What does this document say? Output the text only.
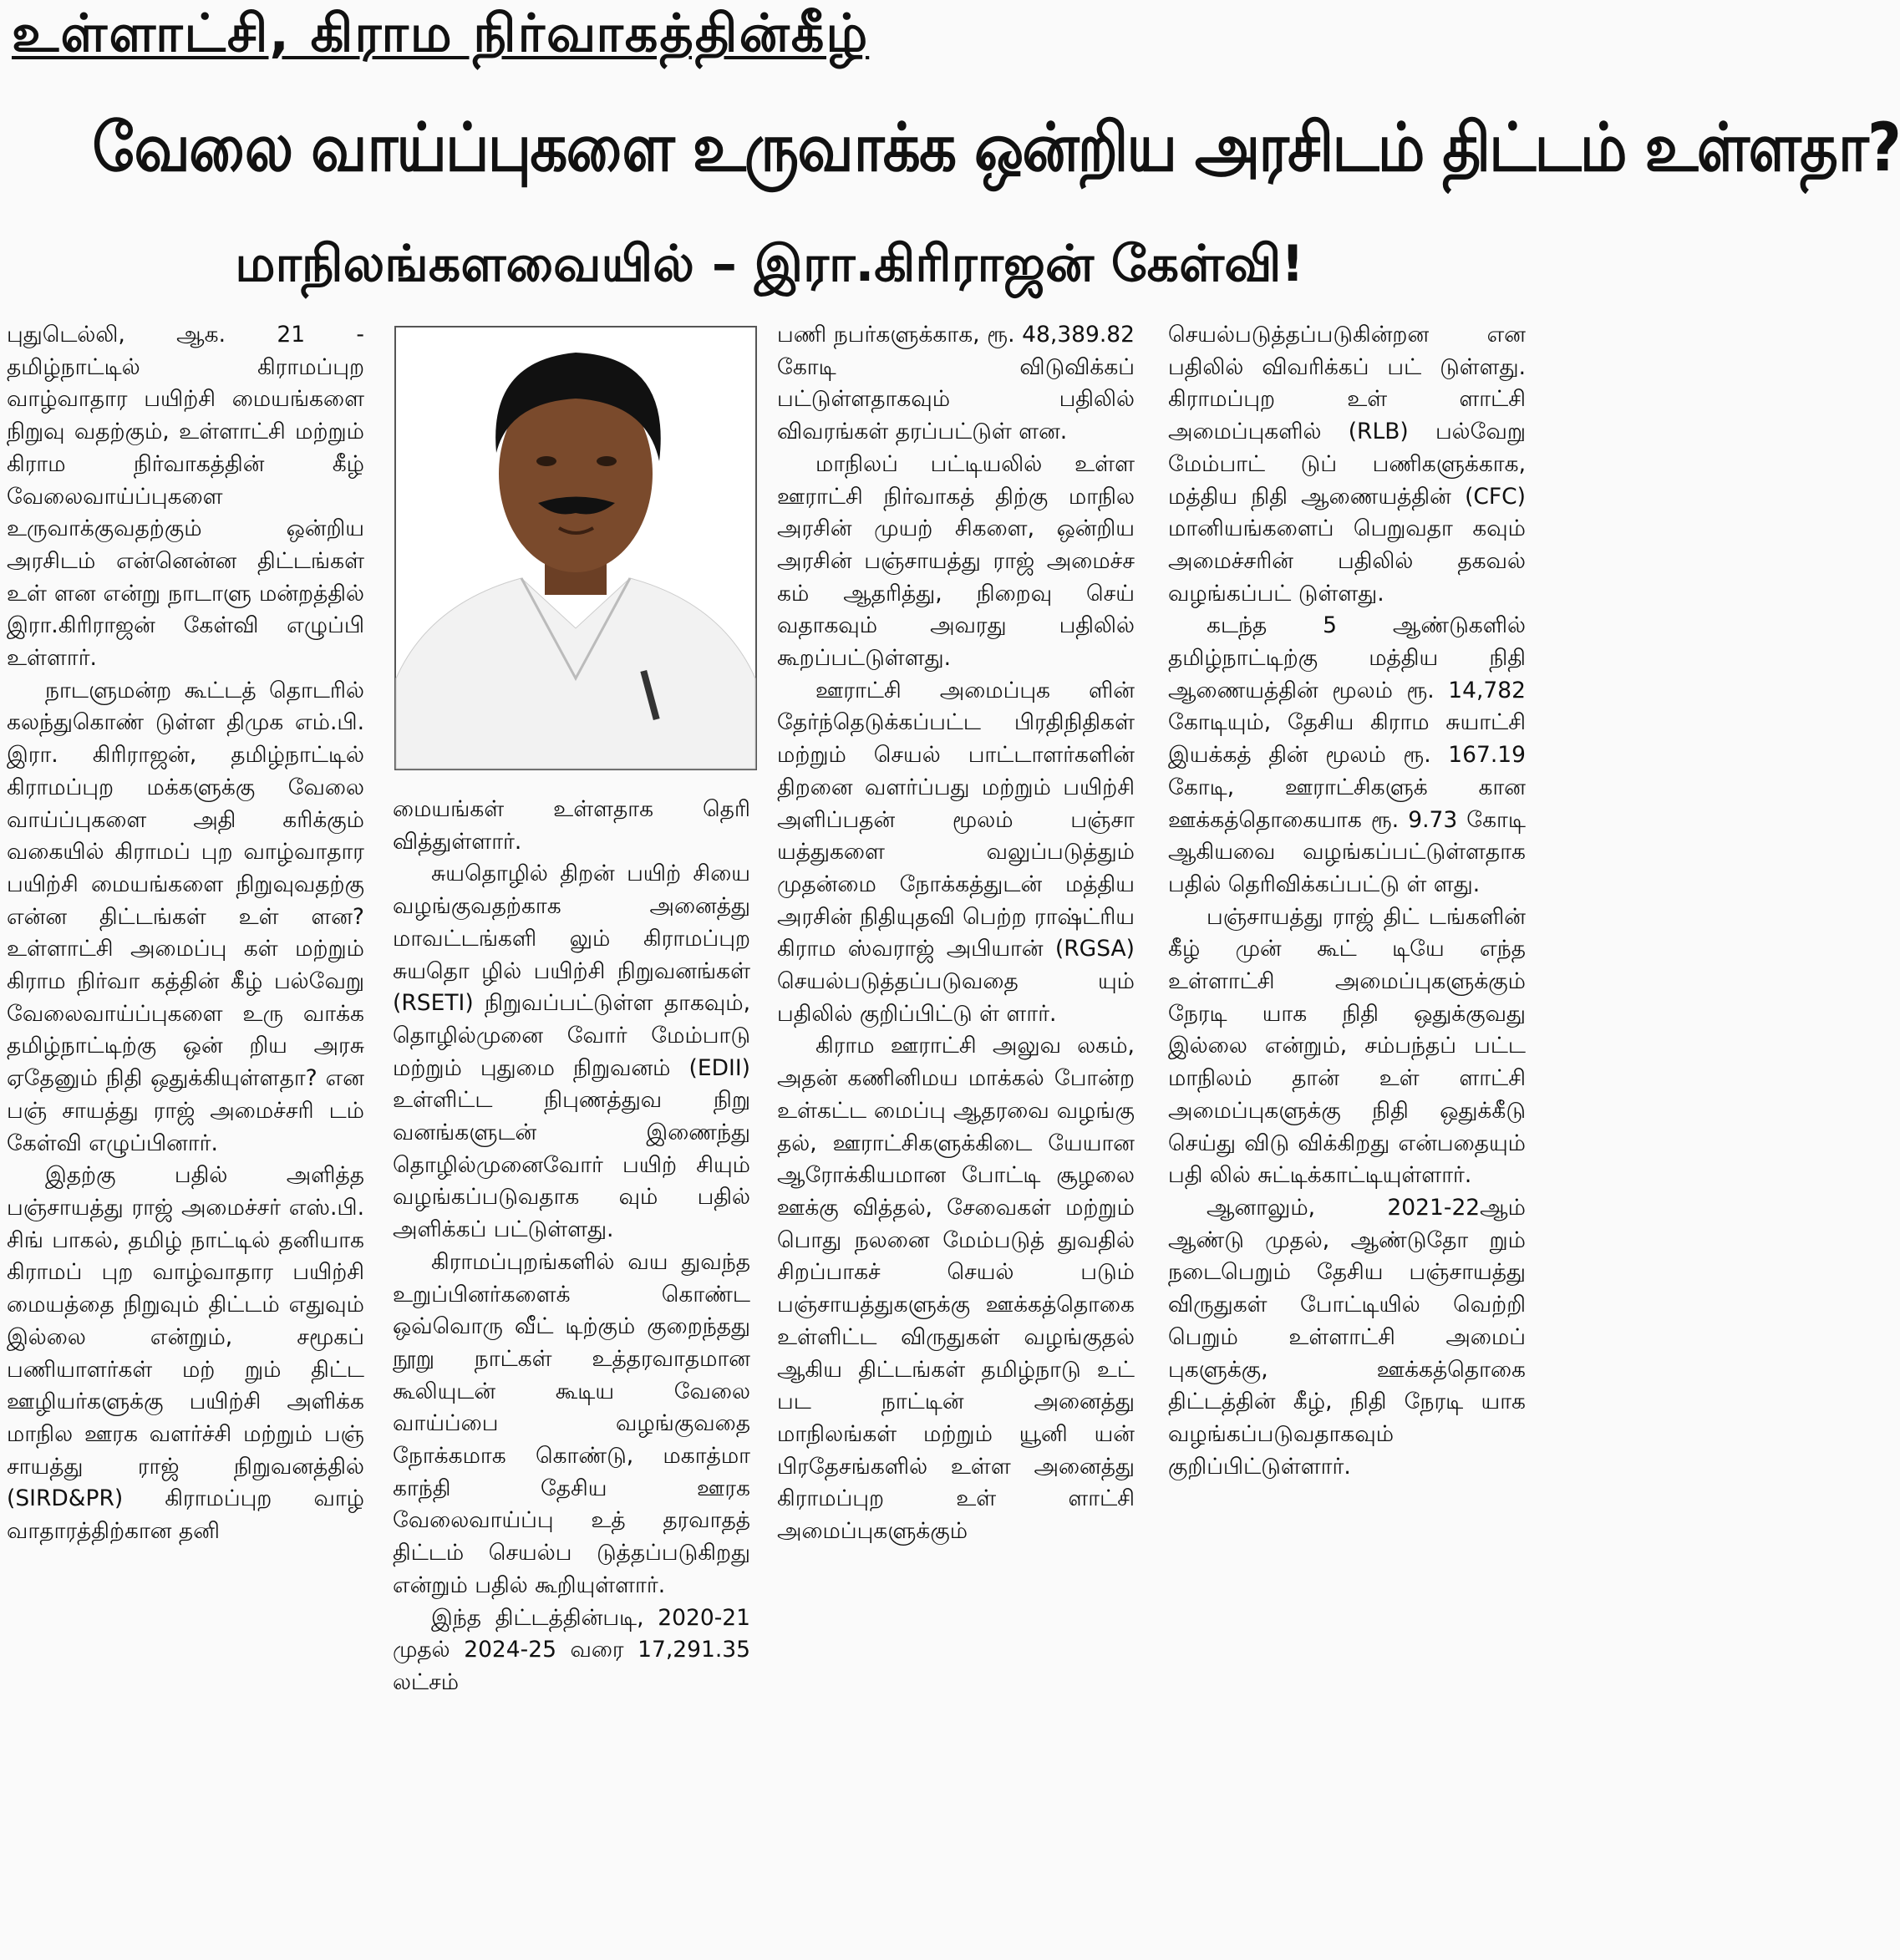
உள்ளாட்சி, கிராம நிர்வாகத்தின்கீழ்
வேலை வாய்ப்புகளை உருவாக்க ஒன்றிய அரசிடம் திட்டம் உள்ளதா?
மாநிலங்களவையில் – இரா.கிரிராஜன் கேள்வி!

புதுடெல்லி, ஆக. 21 - தமிழ்நாட்டில் கிராமப்புற வாழ்வாதார பயிற்சி மையங்களை நிறுவு வதற்கும், உள்ளாட்சி மற்றும் கிராம நிர்வாகத்தின் கீழ் வேலைவாய்ப்புகளை உருவாக்குவதற்கும் ஒன்றிய அரசிடம் என்னென்ன திட்டங்கள் உள் ளன என்று நாடாளு மன்றத்தில் இரா.கிரிராஜன் கேள்வி எழுப்பி உள்ளார்.

நாடளுமன்ற கூட்டத் தொடரில் கலந்துகொண் டுள்ள திமுக எம்.பி. இரா. கிரிராஜன், தமிழ்நாட்டில் கிராமப்புற மக்களுக்கு வேலை வாய்ப்புகளை அதி கரிக்கும் வகையில் கிராமப் புற வாழ்வாதார பயிற்சி மையங்களை நிறுவுவதற்கு என்ன திட்டங்கள் உள் ளன? உள்ளாட்சி அமைப்பு கள் மற்றும் கிராம நிர்வா கத்தின் கீழ் பல்வேறு வேலைவாய்ப்புகளை உரு வாக்க தமிழ்நாட்டிற்கு ஒன் றிய அரசு ஏதேனும் நிதி ஒதுக்கியுள்ளதா? என பஞ் சாயத்து ராஜ் அமைச்சரி டம் கேள்வி எழுப்பினார்.

இதற்கு பதில் அளித்த பஞ்சாயத்து ராஜ் அமைச்சர் எஸ்.பி. சிங் பாகல், தமிழ் நாட்டில் தனியாக கிராமப் புற வாழ்வாதார பயிற்சி மையத்தை நிறுவும் திட்டம் எதுவும் இல்லை என்றும், சமூகப் பணியாளர்கள் மற் றும் திட்ட ஊழியர்களுக்கு பயிற்சி அளிக்க மாநில ஊரக வளர்ச்சி மற்றும் பஞ் சாயத்து ராஜ் நிறுவனத்தில் (SIRD&PR) கிராமப்புற வாழ் வாதாரத்திற்கான தனி

மையங்கள் உள்ளதாக தெரி வித்துள்ளார்.

சுயதொழில் திறன் பயிற் சியை வழங்குவதற்காக அனைத்து மாவட்டங்களி லும் கிராமப்புற சுயதொ ழில் பயிற்சி நிறுவனங்கள் (RSETI) நிறுவப்பட்டுள்ள தாகவும், தொழில்முனை வோர் மேம்பாடு மற்றும் புதுமை நிறுவனம் (EDII) உள்ளிட்ட நிபுணத்துவ நிறு வனங்களுடன் இணைந்து தொழில்முனைவோர் பயிற் சியும் வழங்கப்படுவதாக வும் பதில் அளிக்கப் பட்டுள்ளது.

கிராமப்புறங்களில் வய துவந்த உறுப்பினர்களைக் கொண்ட ஒவ்வொரு வீட் டிற்கும் குறைந்தது நூறு நாட்கள் உத்தரவாதமான கூலியுடன் கூடிய வேலை வாய்ப்பை வழங்குவதை நோக்கமாக கொண்டு, மகாத்மா காந்தி தேசிய ஊரக வேலைவாய்ப்பு உத் தரவாதத் திட்டம் செயல்ப டுத்தப்படுகிறது என்றும் பதில் கூறியுள்ளார்.

இந்த திட்டத்தின்படி, 2020-21 முதல் 2024-25 வரை 17,291.35 லட்சம்

பணி நபர்களுக்காக, ரூ. 48,389.82 கோடி விடுவிக்கப் பட்டுள்ளதாகவும் பதிலில் விவரங்கள் தரப்பட்டுள் ளன.

மாநிலப் பட்டியலில் உள்ள ஊராட்சி நிர்வாகத் திற்கு மாநில அரசின் முயற் சிகளை, ஒன்றிய அரசின் பஞ்சாயத்து ராஜ் அமைச்ச கம் ஆதரித்து, நிறைவு செய் வதாகவும் அவரது பதிலில் கூறப்பட்டுள்ளது.

ஊராட்சி அமைப்புக ளின் தேர்ந்தெடுக்கப்பட்ட பிரதிநிதிகள் மற்றும் செயல் பாட்டாளர்களின் திறனை வளர்ப்பது மற்றும் பயிற்சி அளிப்பதன் மூலம் பஞ்சா யத்துகளை வலுப்படுத்தும் முதன்மை நோக்கத்துடன் மத்திய அரசின் நிதியுதவி பெற்ற ராஷ்ட்ரிய கிராம ஸ்வராஜ் அபியான் (RGSA) செயல்படுத்தப்படுவதை யும் பதிலில் குறிப்பிட்டு ள் ளார்.

கிராம ஊராட்சி அலுவ லகம், அதன் கணினிமய மாக்கல் போன்ற உள்கட்ட மைப்பு ஆதரவை வழங்கு தல், ஊராட்சிகளுக்கிடை யேயான ஆரோக்கியமான போட்டி சூழலை ஊக்கு வித்தல், சேவைகள் மற்றும் பொது நலனை மேம்படுத் துவதில் சிறப்பாகச் செயல் படும் பஞ்சாயத்துகளுக்கு ஊக்கத்தொகை உள்ளிட்ட விருதுகள் வழங்குதல் ஆகிய திட்டங்கள் தமிழ்நாடு உட் பட நாட்டின் அனைத்து மாநிலங்கள் மற்றும் யூனி யன் பிரதேசங்களில் உள்ள அனைத்து கிராமப்புற உள் ளாட்சி அமைப்புகளுக்கும்

செயல்படுத்தப்படுகின்றன என பதிலில் விவரிக்கப் பட் டுள்ளது. கிராமப்புற உள் ளாட்சி அமைப்புகளில் (RLB) பல்வேறு மேம்பாட் டுப் பணிகளுக்காக, மத்திய நிதி ஆணையத்தின் (CFC) மானியங்களைப் பெறுவதா கவும் அமைச்சரின் பதிலில் தகவல் வழங்கப்பட் டுள்ளது.

கடந்த 5 ஆண்டுகளில் தமிழ்நாட்டிற்கு மத்திய நிதி ஆணையத்தின் மூலம் ரூ. 14,782 கோடியும், தேசிய கிராம சுயாட்சி இயக்கத் தின் மூலம் ரூ. 167.19 கோடி, ஊராட்சிகளுக் கான ஊக்கத்தொகையாக ரூ. 9.73 கோடி ஆகியவை வழங்கப்பட்டுள்ளதாக பதில் தெரிவிக்கப்பட்டு ள் ளது.

பஞ்சாயத்து ராஜ் திட் டங்களின் கீழ் முன் கூட் டியே எந்த உள்ளாட்சி அமைப்புகளுக்கும் நேரடி யாக நிதி ஒதுக்குவது இல்லை என்றும், சம்பந்தப் பட்ட மாநிலம் தான் உள் ளாட்சி அமைப்புகளுக்கு நிதி ஒதுக்கீடு செய்து விடு விக்கிறது என்பதையும் பதி லில் சுட்டிக்காட்டியுள்ளார்.

ஆனாலும், 2021-22ஆம் ஆண்டு முதல், ஆண்டுதோ றும் நடைபெறும் தேசிய பஞ்சாயத்து விருதுகள் போட்டியில் வெற்றி பெறும் உள்ளாட்சி அமைப் புகளுக்கு, ஊக்கத்தொகை திட்டத்தின் கீழ், நிதி நேரடி யாக வழங்கப்படுவதாகவும் குறிப்பிட்டுள்ளார்.
